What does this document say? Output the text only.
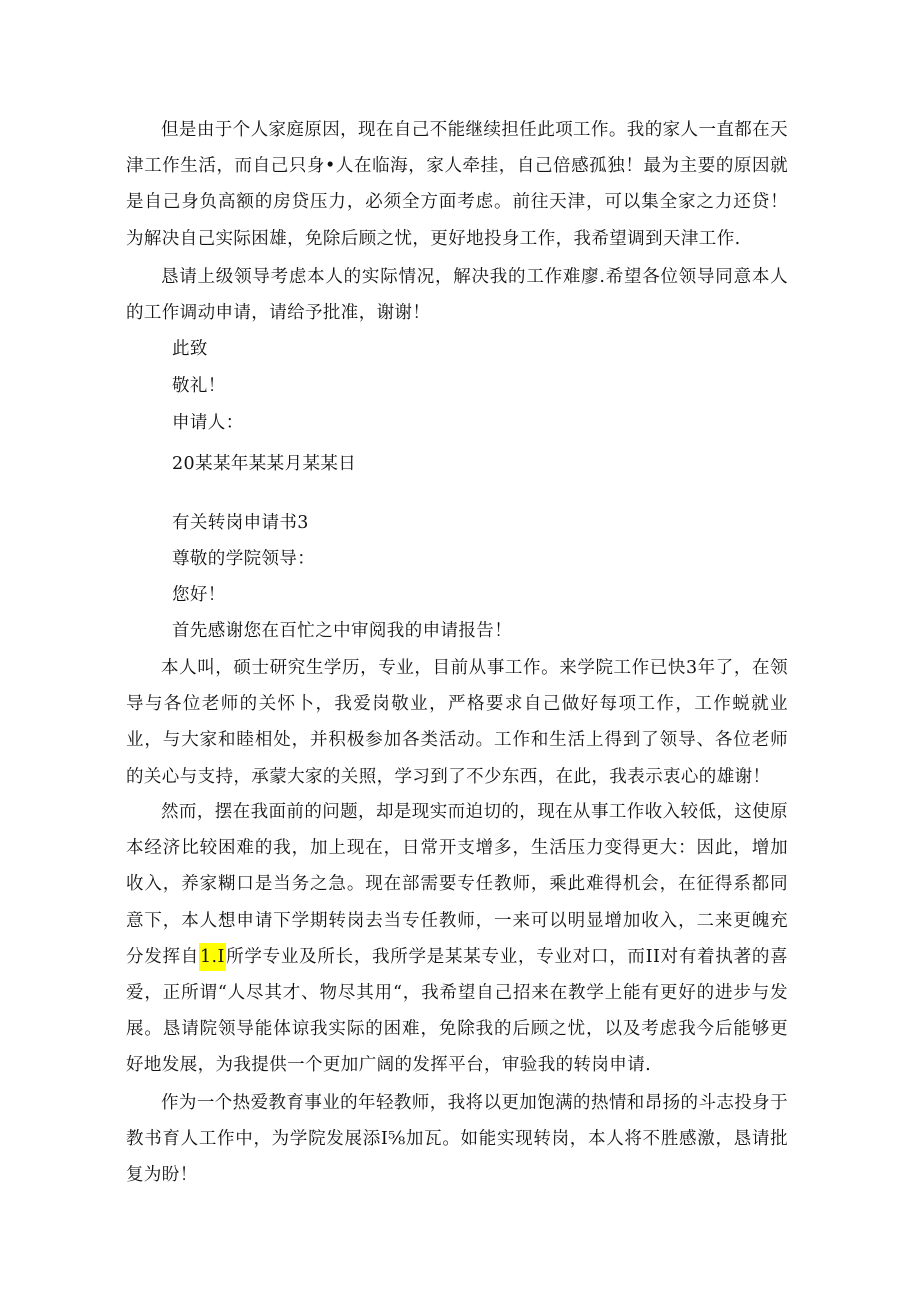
但是由于个人家庭原因，现在自己不能继续担任此项工作。我的家人一直都在天津工作生活，而自己只身•人在临海，家人牵挂，自己倍感孤独！最为主要的原因就是自己身负高额的房贷压力，必须全方面考虑。前往天津，可以集全家之力还贷！为解决自己实际困雄，免除后顾之忧，更好地投身工作，我希望调到天津工作.

恳请上级领导考虑本人的实际情况，解决我的工作难廖.希望各位领导同意本人的工作调动申请，请给予批准，谢谢！

此致

敬礼！

申请人：

20某某年某某月某某日

有关转岗申请书3

尊敬的学院领导：

您好！

首先感谢您在百忙之中审阅我的申请报告！

本人叫，硕士研究生学历，专业，目前从事工作。来学院工作已快3年了，在领导与各位老师的关怀卜，我爱岗敬业，严格要求自己做好每项工作，工作蜕就业业，与大家和睦相处，并积极参加各类活动。工作和生活上得到了领导、各位老师的关心与支持，承蒙大家的关照，学习到了不少东西，在此，我表示衷心的雄谢！

然而，摆在我面前的问题，却是现实而迫切的，现在从事工作收入较低，这使原本经济比较困难的我，加上现在，日常开支增多，生活压力变得更大：因此，增加收入，养家糊口是当务之急。现在部需要专任教师，乘此难得机会，在征得系都同意下，本人想申请下学期转岗去当专任教师，一来可以明显增加收入，二来更魄充分发挥自1.I所学专业及所长，我所学是某某专业，专业对口，而II对有着执著的喜爱，正所谓“人尽其才、物尽其用“，我希望自己招来在教学上能有更好的进步与发展。恳请院领导能体谅我实际的困难，免除我的后顾之忧，以及考虑我今后能够更好地发展，为我提供一个更加广阔的发挥平台，审验我的转岗申请.

作为一个热爱教育事业的年轻教师，我将以更加饱满的热情和昂扬的斗志投身于教书育人工作中，为学院发展添I⅝加瓦。如能实现转岗，本人将不胜感激，恳请批复为盼！
